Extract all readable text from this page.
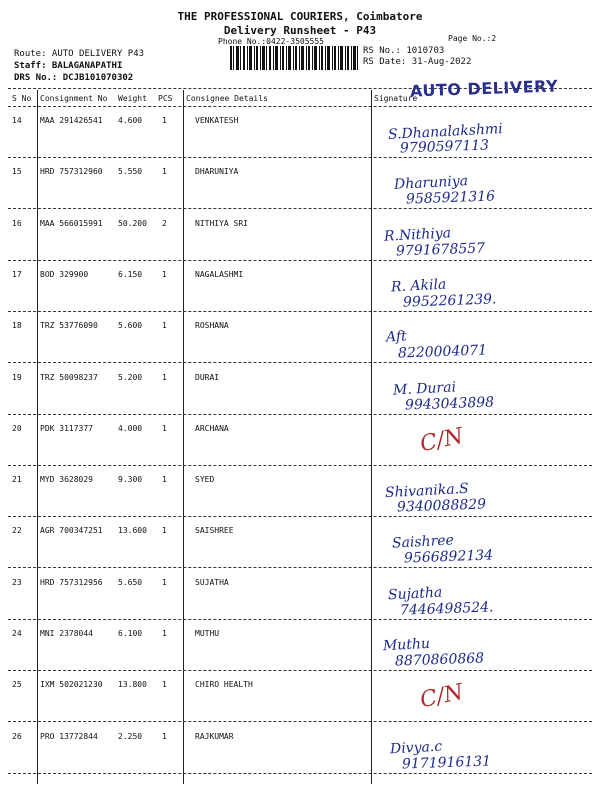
THE PROFESSIONAL COURIERS, Coimbatore
Delivery Runsheet - P43
Phone No.:0422-3505555	Page No.:2
Route: AUTO DELIVERY P43
Staff: BALAGANAPATHI
DRS No.: DCJB101070302
RS No.: 1010703
RS Date: 31-Aug-2022
S No Consignment No Weight PCS Consignee Details	Signature
AUTO DELIVERY
14 MAA 291426541 4.600 1	VENKATESH
S.Dhanalakshmi
9790597113
15 HRD 757312960 5.550 1	DHARUNIYA
Dharuniya
9585921316
16 MAA 566015991 50.200 2	NITHIYA SRI
R.Nithiya
9791678557
17 BOD 329900	6.150 1	NAGALASHMI
R. Akila
9952261239.
18 TRZ 53776090	5.600 1	ROSHANA
Aft
8220004071
19 TRZ 50098237	5.200 1	DURAI
M. Durai
9943043898
20 PDK 3117377	4.000 1	ARCHANA	C/N
21 MYD 3628029	9.300 1	SYED
Shivanika.S
9340088829
22 AGR 700347251 13.600 1	SAISHREE
Saishree
9566892134
23 HRD 757312956 5.650 1	SUJATHA
Sujatha
7446498524.
24 MNI 2378044	6.100 1	MUTHU
Muthu
8870860868
25 IXM 502021230 13.800 1	CHIRO HEALTH	C/N
26 PRO 13772844	2.250 1	RAJKUMAR
Divya.c
9171916131
